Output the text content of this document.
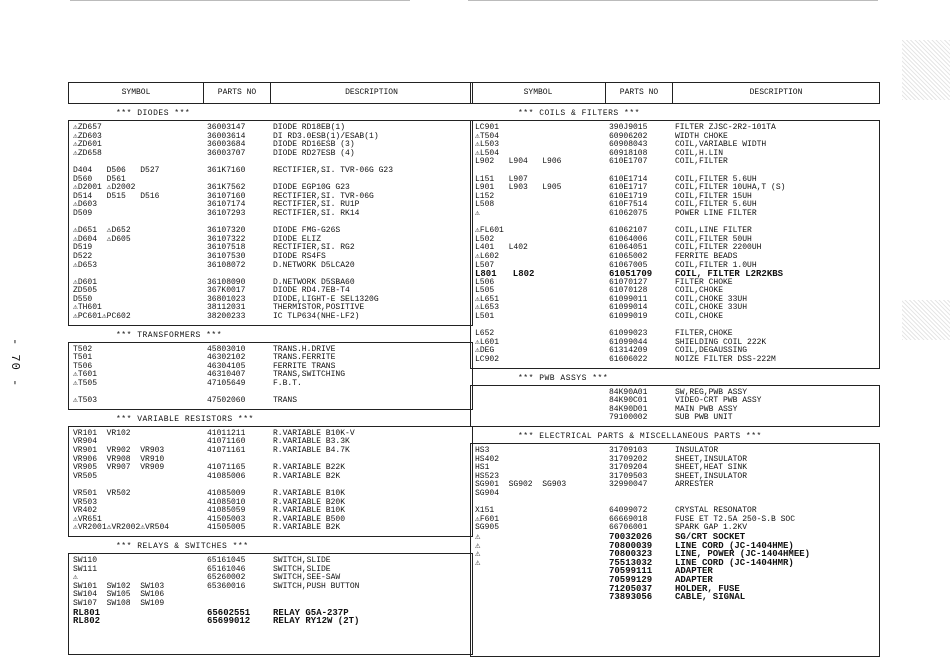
- 70 -
SYMBOL	PARTS NO	DESCRIPTION
*** DIODES ***
⚠ZD657	36003147	DIODE RD18EB(1)
⚠ZD603	36003614	DI RD3.0ESB(1)/ESAB(1)
⚠ZD601	36003684	DIODE RD16ESB (3)
⚠ZD658	36003707	DIODE RD27ESB (4)
D404   D506   D527	361K7160	RECTIFIER,SI. TVR-06G G23
D560   D561
⚠D2001 ⚠D2002	361K7562	DIODE EGP10G G23
D514   D515   D516	36107160	RECTIFIER,SI. TVR-06G
⚠D603	36107174	RECTIFIER,SI. RU1P
D509	36107293	RECTIFIER,SI. RK14
⚠D651  ⚠D652	36107320	DIODE FMG-G26S
⚠D604  ⚠D605	36107322	DIODE ELIZ
D519	36107518	RECTIFIER,SI. RG2
D522	36107530	DIODE RS4FS
⚠D653	36108072	D.NETWORK D5LCA20
⚠D601	36108090	D.NETWORK D5SBA60
ZD505	367K0017	DIODE RD4.7EB-T4
D550	36801023	DIODE,LIGHT-E SEL1320G
⚠TH601	38112031	THERMISTOR,POSITIVE
⚠PC601⚠PC602	38200233	IC TLP634(NHE-LF2)
*** TRANSFORMERS ***
T502	45803010	TRANS.H.DRIVE
T501	46302102	TRANS.FERRITE
T506	46304105	FERRITE TRANS
⚠T601	46310407	TRANS,SWITCHING
⚠T505	47105649	F.B.T.
⚠T503	47502060	TRANS
*** VARIABLE RESISTORS ***
VR101  VR102	41011211	R.VARIABLE B10K-V
VR904	41071160	R.VARIABLE B3.3K
VR901  VR902  VR903	41071161	R.VARIABLE B4.7K
VR906  VR908  VR910
VR905  VR907  VR909	41071165	R.VARIABLE B22K
VR505	41085006	R.VARIABLE B2K
VR501  VR502	41085009	R.VARIABLE B10K
VR503	41085010	R.VARIABLE B20K
VR402	41085059	R.VARIABLE B10K
⚠VR651	41505003	R.VARIABLE B500
⚠VR2001⚠VR2002⚠VR504	41505005	R.VARIABLE B2K
*** RELAYS & SWITCHES ***
SW110	65161045	SWITCH,SLIDE
SW111	65161046	SWITCH,SLIDE
⚠	65260002	SWITCH,SEE-SAW
SW101  SW102  SW103	65360016	SWITCH,PUSH BUTTON
SW104  SW105  SW106
SW107  SW108  SW109
RL801	65602551	RELAY G5A-237P
RL802	65699012	RELAY RY12W (2T)
SYMBOL	PARTS NO	DESCRIPTION
*** COILS & FILTERS ***
LC901	390J9015	FILTER ZJSC-2R2-101TA
⚠T504	60906202	WIDTH CHOKE
⚠L503	60908043	COIL,VARIABLE WIDTH
⚠L504	60918108	COIL,H.LIN
L902   L904   L906	610E1707	COIL,FILTER
L151   L907	610E1714	COIL,FILTER 5.6UH
L901   L903   L905	610E1717	COIL,FILTER 10UHA,T (S)
L152	610E1719	COIL,FILTER 15UH
L508	610F7514	COIL,FILTER 5.6UH
⚠	61062075	POWER LINE FILTER
⚠FL601	61062107	COIL,LINE FILTER
L502	61064006	COIL,FILTER 50UH
L401   L402	61064051	COIL,FILTER 2200UH
⚠L602	61065002	FERRITE BEADS
L507	61067005	COIL,FILTER 1.0UH
L801   L802	61051709	COIL, FILTER L2R2KBS
L506	61070127	FILTER CHOKE
L505	61070128	COIL,CHOKE
⚠L651	61099011	COIL,CHOKE 33UH
⚠L653	61099014	COIL,CHOKE 33UH
L501	61099019	COIL,CHOKE
L652	61099023	FILTER,CHOKE
⚠L601	61099044	SHIELDING COIL 222K
⚠DEG	61314209	COIL,DEGAUSSING
LC902	61606022	NOIZE FILTER DSS-222M
*** PWB ASSYS ***
84K90A01	SW,REG,PWB ASSY
84K90C01	VIDEO-CRT PWB ASSY
84K90D01	MAIN PWB ASSY
79100002	SUB PWB UNIT
*** ELECTRICAL PARTS & MISCELLANEOUS PARTS ***
HS3	31709103	INSULATOR
HS402	31709202	SHEET,INSULATOR
HS1	31709204	SHEET,HEAT SINK
HS523	31709503	SHEET,INSULATOR
SG901  SG902  SG903	32990047	ARRESTER
SG904
X151	64099072	CRYSTAL RESONATOR
⚠F601	66669018	FUSE ET T2.5A 250-S.B SOC
SG905	66706001	SPARK GAP 1.2KV
⚠	70032026	SG/CRT SOCKET
⚠	70800039	LINE CORD (JC-1404HME)
⚠	70800323	LINE, POWER (JC-1404HMEE)
⚠	75513032	LINE CORD (JC-1404HMR)
70599111	ADAPTER
70599129	ADAPTER
71205037	HOLDER, FUSE
73893056	CABLE, SIGNAL
